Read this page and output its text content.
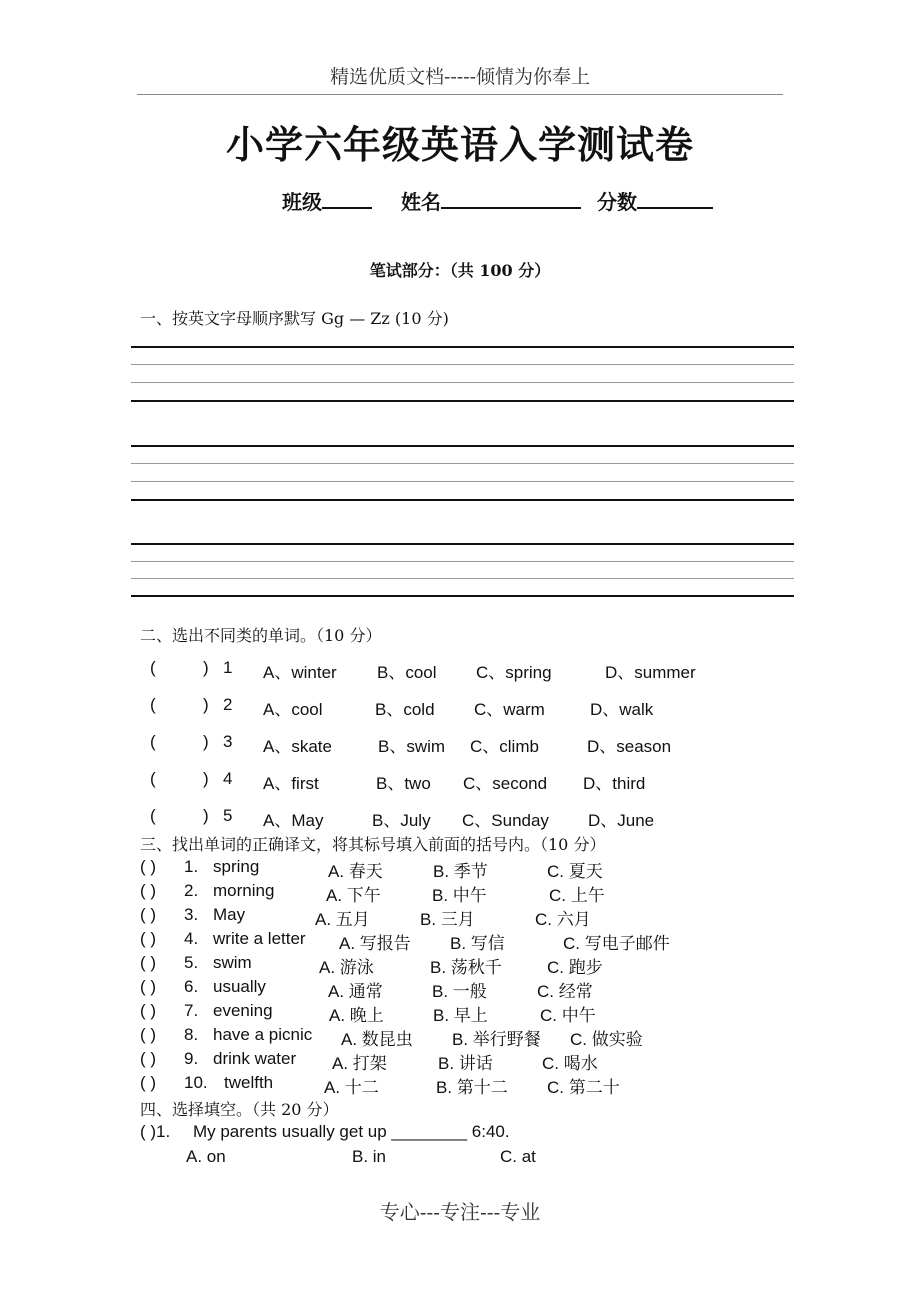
精选优质文档-----倾情为你奉上
小学六年级英语入学测试卷
班级	姓名	分数
笔试部分：（共 100 分）
一、按英文字母顺序默写 Gg — Zz (10 分)
二、选出不同类的单词。（10 分）
(	) 1 A、winter B、cool C、spring	D、summer
(	) 2 A、cool	B、cold C、warm	D、walk
(	) 3 A、skate	B、swim C、climb	D、season
(	) 4 A、first	B、two C、second D、third
(	) 5 A、May	B、July C、Sunday D、June
三、找出单词的正确译文，将其标号填入前面的括号内。（10 分）
( ) 1. spring	A. 春天	B. 季节	C. 夏天
( ) 2. morning	A. 下午	B. 中午	C. 上午
( ) 3. May	A. 五月	B. 三月	C. 六月
( ) 4. write a letter A. 写报告 B. 写信	C. 写电子邮件
( ) 5. swim	A. 游泳	B. 荡秋千	C. 跑步
( ) 6. usually	A. 通常	B. 一般	C. 经常
( ) 7. evening	A. 晚上	B. 早上	C. 中午
( ) 8. have a picnic A. 数昆虫 B. 举行野餐 C. 做实验
( ) 9. drink water A. 打架	B. 讲话	C. 喝水
( ) 10. twelfth	A. 十二	B. 第十二 C. 第二十
四、选择填空。（共 20 分）
( )1. My parents usually get up ________ 6:40.
A. on	B. in	C. at
专心---专注---专业
